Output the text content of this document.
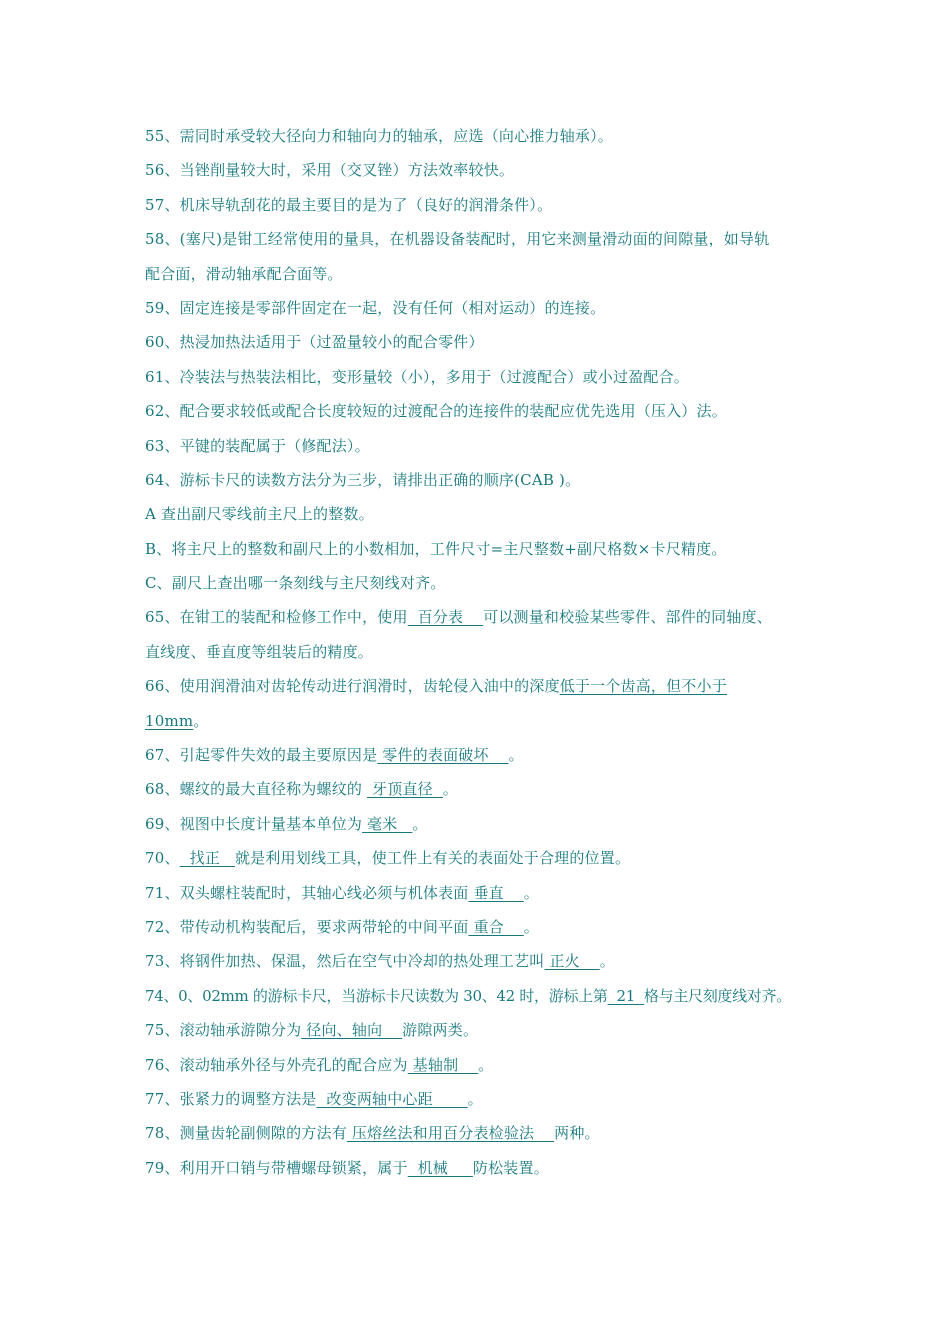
55、需同时承受较大径向力和轴向力的轴承，应选（向心推力轴承）。
56、当锉削量较大时，采用（交叉锉）方法效率较快。
57、机床导轨刮花的最主要目的是为了（良好的润滑条件）。
58、(塞尺)是钳工经常使用的量具，在机器设备装配时，用它来测量滑动面的间隙量，如导轨
配合面，滑动轴承配合面等。
59、固定连接是零部件固定在一起，没有任何（相对运动）的连接。
60、热浸加热法适用于（过盈量较小的配合零件）
61、冷装法与热装法相比，变形量较（小），多用于（过渡配合）或小过盈配合。
62、配合要求较低或配合长度较短的过渡配合的连接件的装配应优先选用（压入）法。
63、平键的装配属于（修配法）。
64、游标卡尺的读数方法分为三步，请排出正确的顺序(CAB )。
A 查出副尺零线前主尺上的整数。
B、将主尺上的整数和副尺上的小数相加，工件尺寸=主尺整数+副尺格数×卡尺精度。
C、副尺上查出哪一条刻线与主尺刻线对齐。
65、在钳工的装配和检修工作中，使用  百分表    可以测量和校验某些零件、部件的同轴度、
直线度、垂直度等组装后的精度。
66、使用润滑油对齿轮传动进行润滑时，齿轮侵入油中的深度低于一个齿高，但不小于
10mm。
67、引起零件失效的最主要原因是 零件的表面破坏    。
68、螺纹的最大直径称为螺纹的  牙顶直径  。
69、视图中长度计量基本单位为 毫米   。
70、  找正   就是利用划线工具，使工件上有关的表面处于合理的位置。
71、双头螺柱装配时，其轴心线必须与机体表面 垂直    。
72、带传动机构装配后，要求两带轮的中间平面 重合    。
73、将钢件加热、保温，然后在空气中冷却的热处理工艺叫 正火    。
74、0、02mm 的游标卡尺，当游标卡尺读数为 30、42 时，游标上第  21  格与主尺刻度线对齐。
75、滚动轴承游隙分为 径向、轴向    游隙两类。
76、滚动轴承外径与外壳孔的配合应为 基轴制    。
77、张紧力的调整方法是  改变两轴中心距       。
78、测量齿轮副侧隙的方法有 压熔丝法和用百分表检验法    两种。
79、利用开口销与带槽螺母锁紧，属于  机械     防松装置。
